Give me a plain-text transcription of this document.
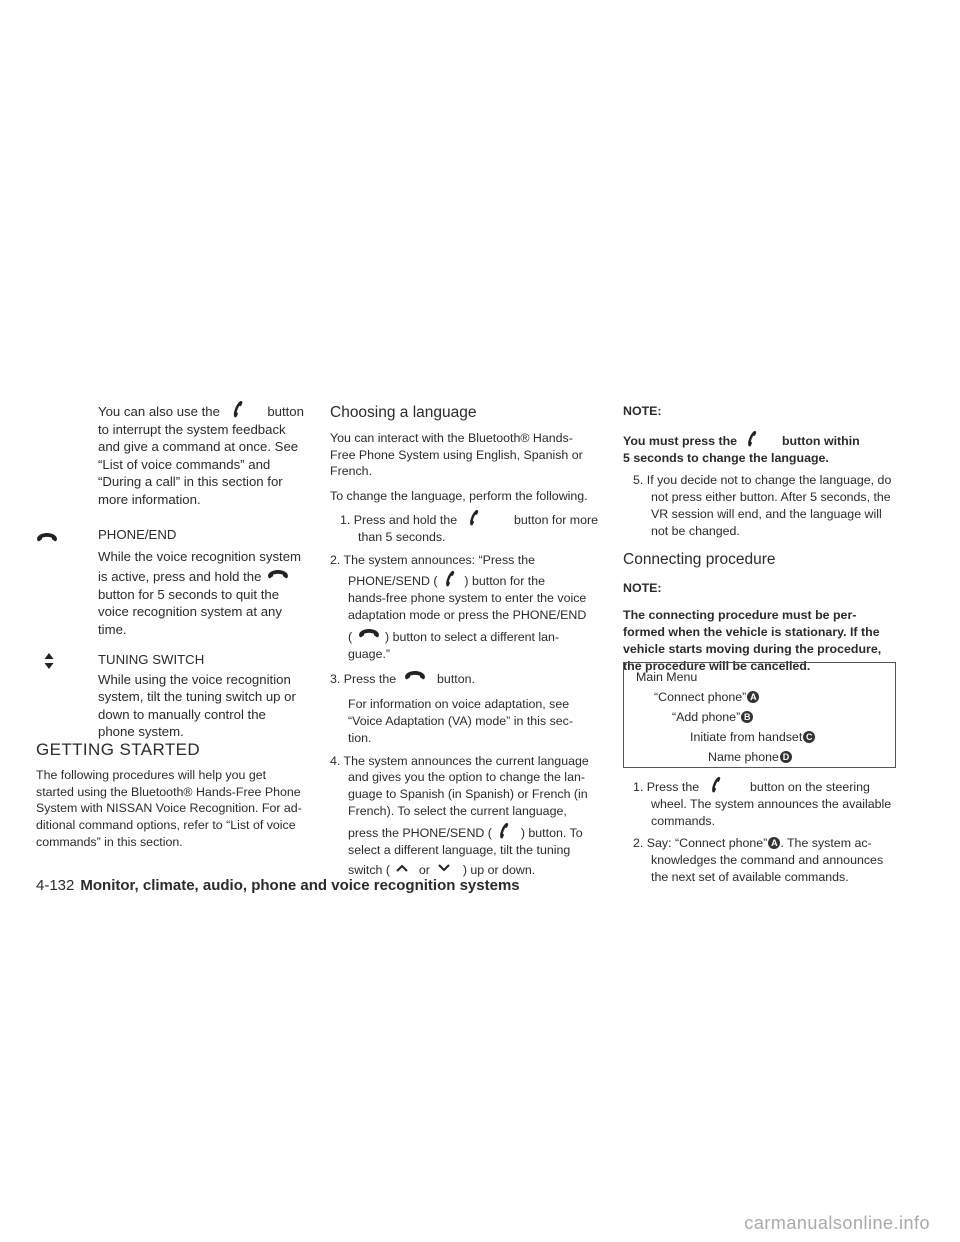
You can also use the	button

to interrupt the system feedback

and give a command at once. See

“List of voice commands” and

“During a call” in this section for

more information.

PHONE/END

While the voice recognition system

is active, press and hold the

button for 5 seconds to quit the

voice recognition system at any

time.

TUNING SWITCH

While using the voice recognition

system, tilt the tuning switch up or

down to manually control the

phone system.

GETTING STARTED

The following procedures will help you get

started using the Bluetooth® Hands-Free Phone

System with NISSAN Voice Recognition. For ad-

ditional command options, refer to “List of voice

commands” in this section.

Choosing a language

You can interact with the Bluetooth® Hands-

Free Phone System using English, Spanish or

French.

To change the language, perform the following.

1. Press and hold the	button for more

than 5 seconds.

2. The system announces: “Press the

PHONE/SEND ( ) button for the

hands-free phone system to enter the voice

adaptation mode or press the PHONE/END

(	) button to select a different lan-

guage.”

3. Press the	button.

For information on voice adaptation, see

“Voice Adaptation (VA) mode” in this sec-

tion.

4. The system announces the current language

and gives you the option to change the lan-

guage to Spanish (in Spanish) or French (in

French). To select the current language,

press the PHONE/SEND ( ) button. To

select a different language, tilt the tuning

switch ( or	) up or down.

NOTE:

You must press the	button within

5 seconds to change the language.

5. If you decide not to change the language, do

not press either button. After 5 seconds, the

VR session will end, and the language will

not be changed.

Connecting procedure

NOTE:

The connecting procedure must be per-

formed when the vehicle is stationary. If the

vehicle starts moving during the procedure,

the procedure will be cancelled.

Main Menu
“Connect phone” A
“Add phone” B
Initiate from handset C
Name phone D

1. Press the	button on the steering

wheel. The system announces the available

commands.

2. Say: “Connect phone” A . The system ac-

knowledges the command and announces

the next set of available commands.

4-132 Monitor, climate, audio, phone and voice recognition systems
carmanualsonline.info
